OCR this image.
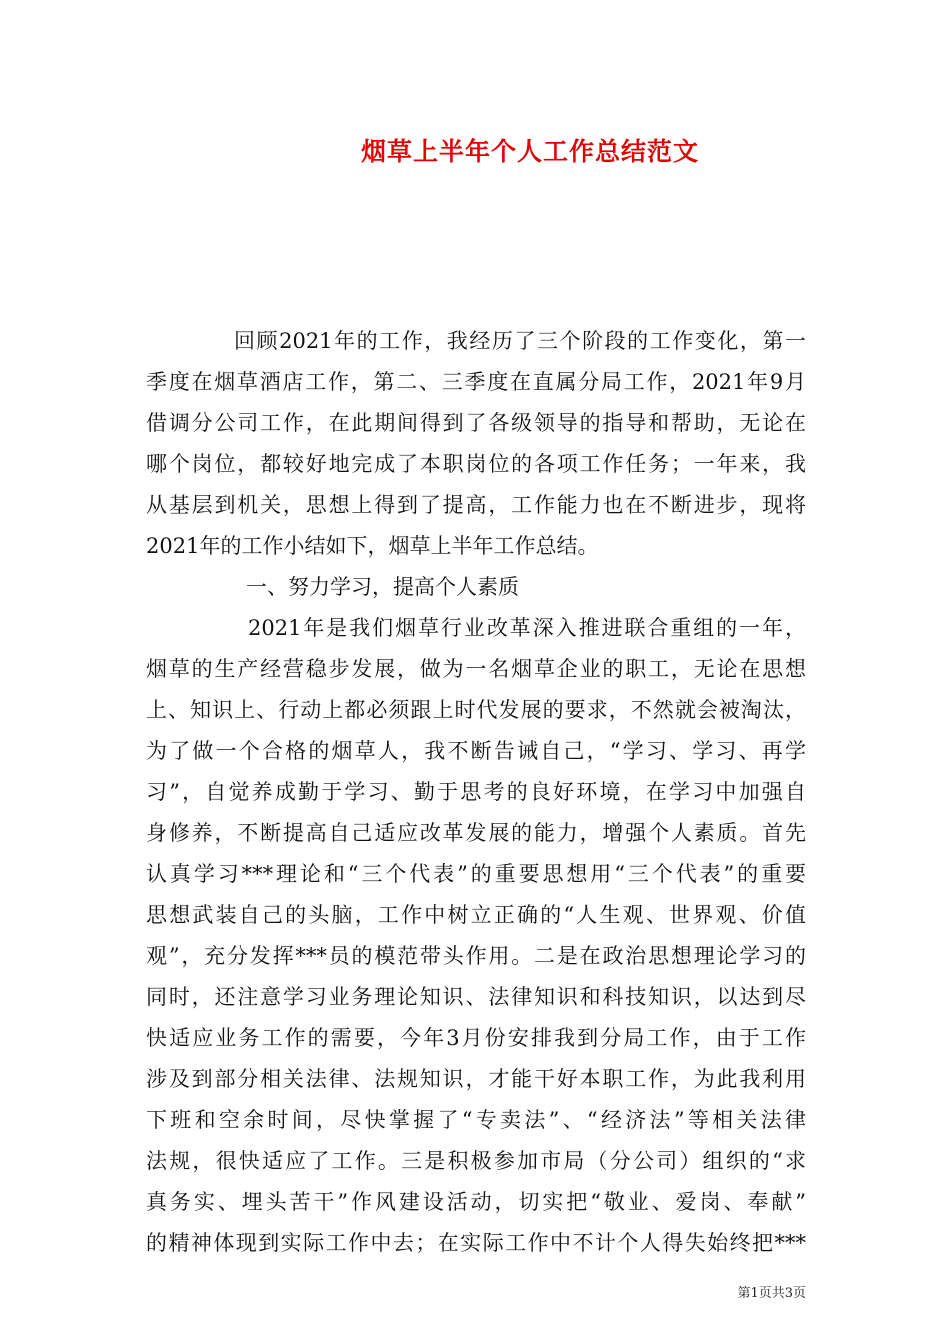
烟草上半年个人工作总结范文
回顾2021年的工作，我经历了三个阶段的工作变化，第一
季度在烟草酒店工作，第二、三季度在直属分局工作，2021年9月
借调分公司工作，在此期间得到了各级领导的指导和帮助，无论在
哪个岗位，都较好地完成了本职岗位的各项工作任务；一年来，我
从基层到机关，思想上得到了提高，工作能力也在不断进步，现将
2021年的工作小结如下，烟草上半年工作总结。
一、努力学习，提高个人素质
2021年是我们烟草行业改革深入推进联合重组的一年，
烟草的生产经营稳步发展，做为一名烟草企业的职工，无论在思想
上、知识上、行动上都必须跟上时代发展的要求，不然就会被淘汰，
为了做一个合格的烟草人，我不断告诫自己，“学习、学习、再学
习”，自觉养成勤于学习、勤于思考的良好环境，在学习中加强自
身修养，不断提高自己适应改革发展的能力，增强个人素质。首先
认真学习***理论和“三个代表”的重要思想用“三个代表”的重要
思想武装自己的头脑，工作中树立正确的“人生观、世界观、价值
观”，充分发挥***员的模范带头作用。二是在政治思想理论学习的
同时，还注意学习业务理论知识、法律知识和科技知识，以达到尽
快适应业务工作的需要，今年3月份安排我到分局工作，由于工作
涉及到部分相关法律、法规知识，才能干好本职工作，为此我利用
下班和空余时间，尽快掌握了“专卖法”、“经济法”等相关法律
法规，很快适应了工作。三是积极参加市局（分公司）组织的“求
真务实、埋头苦干”作风建设活动，切实把“敬业、爱岗、奉献”
的精神体现到实际工作中去；在实际工作中不计个人得失始终把***
第1页共3页
